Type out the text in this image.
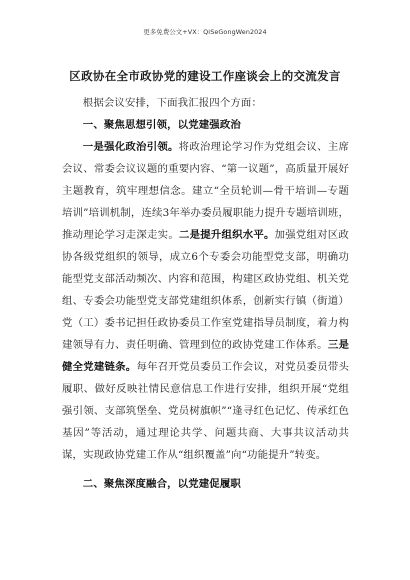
更多免费公文+VX：QiSeGongWen2024
区政协在全市政协党的建设工作座谈会上的交流发言

根据会议安排，下面我汇报四个方面：

一、聚焦思想引领，以党建强政治

一是强化政治引领。将政治理论学习作为党组会议、主席会议、常委会议议题的重要内容、“第一议题”，高质量开展好主题教育，筑牢理想信念。建立“全员轮训—骨干培训—专题培训”培训机制，连续3年举办委员履职能力提升专题培训班，推动理论学习走深走实。二是提升组织水平。加强党组对区政协各级党组织的领导，成立6个专委会功能型党支部，明确功能型党支部活动频次、内容和范围，构建区政协党组、机关党组、专委会功能型党支部党建组织体系，创新实行镇（街道）党（工）委书记担任政协委员工作室党建指导员制度，着力构建领导有力、责任明确、管理到位的政协党建工作体系。三是健全党建链条。每年召开党员委员工作会议，对党员委员带头履职、做好反映社情民意信息工作进行安排，组织开展“党组强引领、支部筑堡垒、党员树旗帜”“逢寻红色记忆、传承红色基因”等活动，通过理论共学、问题共商、大事共议活动共谋，实现政协党建工作从“组织覆盖”向“功能提升”转变。

二、聚焦深度融合，以党建促履职
